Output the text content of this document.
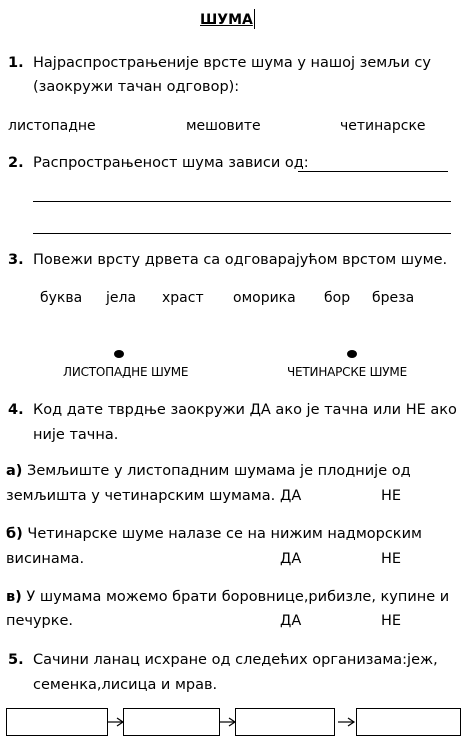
ШУМА
1. Најраспрострањеније врсте шума у нашој земљи су
(заокружи тачан одговор):
листопадне	мешовите	четинарске
2. Распрострањеност шума зависи од:
3. Повежи врсту дрвета са одговарајућом врстом шуме.
буква јела храст оморика бор бреза
ЛИСТОПАДНЕ ШУМЕ	ЧЕТИНАРСКЕ ШУМЕ
4. Код дате тврдње заокружи ДА ако је тачна или НЕ ако
није тачна.
а) Земљиште у листопадним шумама је плодније од
земљишта у четинарским шумама. ДА	НЕ
б) Четинарске шуме налазе се на нижим надморским
висинама.	ДА	НЕ
в) У шумама можемо брати боровнице,рибизле, купине и
печурке.	ДА	НЕ
5. Сачини ланац исхране од следећих организама:јеж,
семенка,лисица и мрав.
